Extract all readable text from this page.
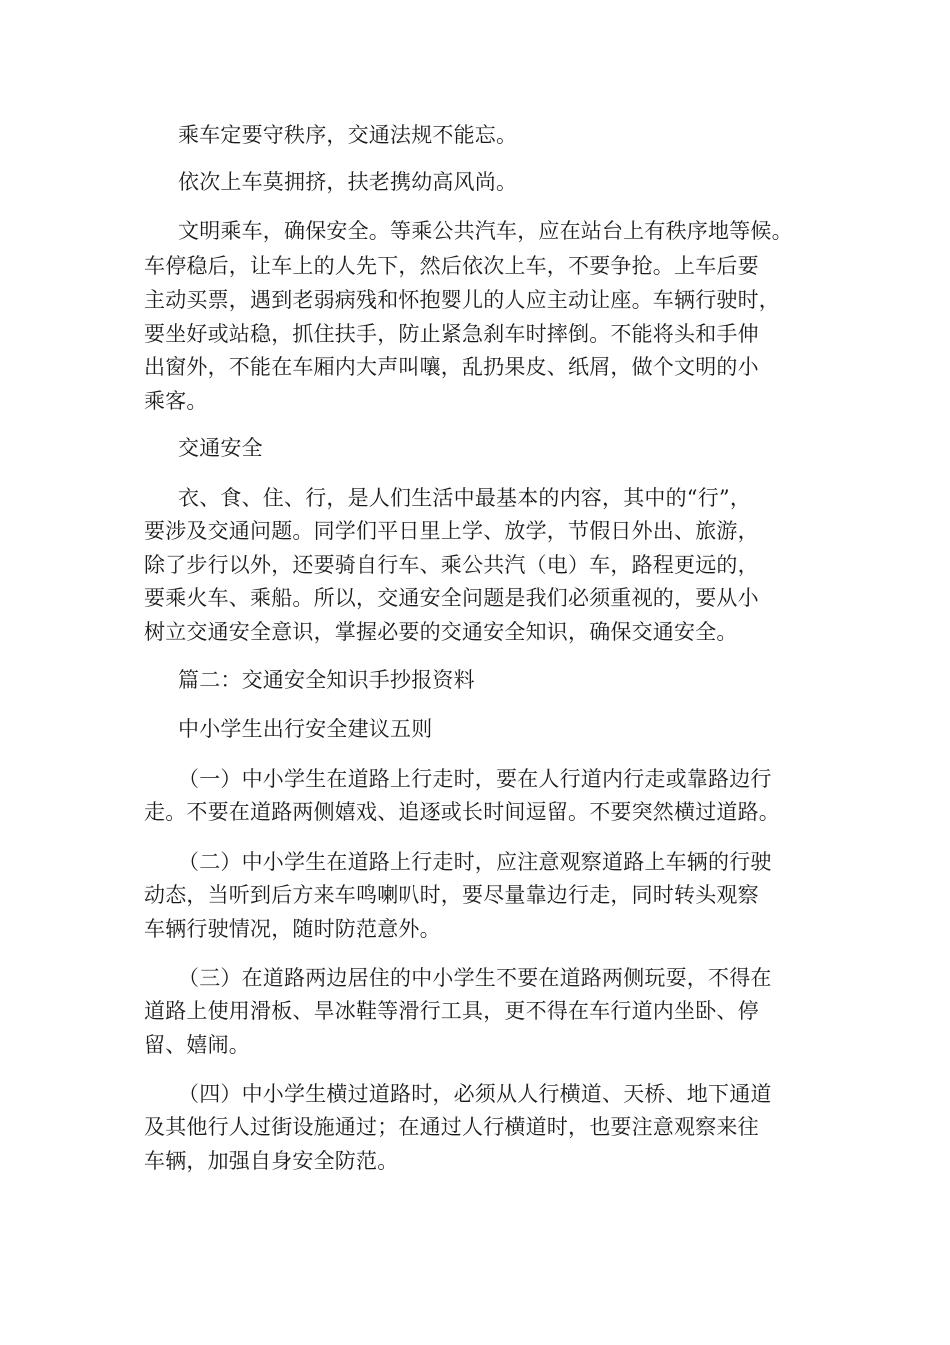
乘车定要守秩序，交通法规不能忘。
依次上车莫拥挤，扶老携幼高风尚。
文明乘车，确保安全。等乘公共汽车，应在站台上有秩序地等候。
车停稳后，让车上的人先下，然后依次上车，不要争抢。上车后要
主动买票，遇到老弱病残和怀抱婴儿的人应主动让座。车辆行驶时，
要坐好或站稳，抓住扶手，防止紧急刹车时摔倒。不能将头和手伸
出窗外，不能在车厢内大声叫嚷，乱扔果皮、纸屑，做个文明的小
乘客。
交通安全
衣、食、住、行，是人们生活中最基本的内容，其中的“行”，
要涉及交通问题。同学们平日里上学、放学，节假日外出、旅游，
除了步行以外，还要骑自行车、乘公共汽（电）车，路程更远的，
要乘火车、乘船。所以，交通安全问题是我们必须重视的，要从小
树立交通安全意识，掌握必要的交通安全知识，确保交通安全。
篇二：交通安全知识手抄报资料
中小学生出行安全建议五则
（一）中小学生在道路上行走时，要在人行道内行走或靠路边行
走。不要在道路两侧嬉戏、追逐或长时间逗留。不要突然横过道路。
（二）中小学生在道路上行走时，应注意观察道路上车辆的行驶
动态，当听到后方来车鸣喇叭时，要尽量靠边行走，同时转头观察
车辆行驶情况，随时防范意外。
（三）在道路两边居住的中小学生不要在道路两侧玩耍，不得在
道路上使用滑板、旱冰鞋等滑行工具，更不得在车行道内坐卧、停
留、嬉闹。
（四）中小学生横过道路时，必须从人行横道、天桥、地下通道
及其他行人过街设施通过；在通过人行横道时，也要注意观察来往
车辆，加强自身安全防范。
